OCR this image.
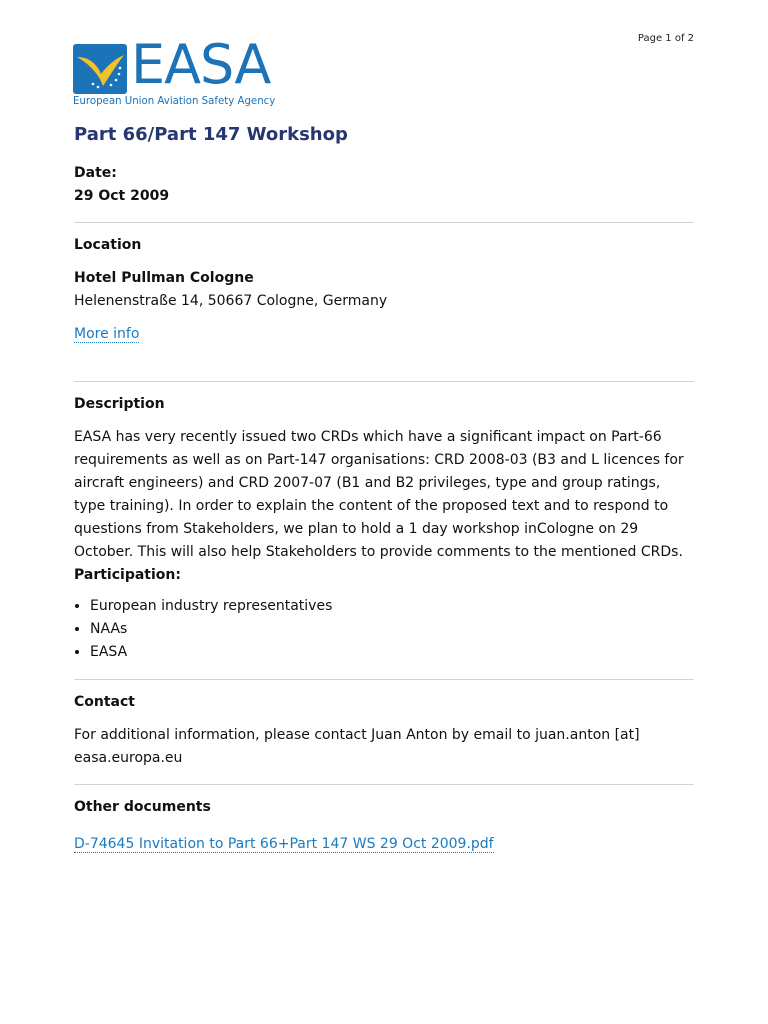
Page 1 of 2
EASA
European Union Aviation Safety Agency
Part 66/Part 147 Workshop
Date:
29 Oct 2009
Location
Hotel Pullman Cologne
Helenenstraße 14, 50667 Cologne, Germany
More info
Description
EASA has very recently issued two CRDs which have a significant impact on Part-66 requirements as well as on Part-147 organisations: CRD 2008-03 (B3 and L licences for aircraft engineers) and CRD 2007-07 (B1 and B2 privileges, type and group ratings, type training). In order to explain the content of the proposed text and to respond to questions from Stakeholders, we plan to hold a 1 day workshop inCologne on 29 October. This will also help Stakeholders to provide comments to the mentioned CRDs. Participation:
• European industry representatives
• NAAs
• EASA
Contact
For additional information, please contact Juan Anton by email to juan.anton [at] easa.europa.eu
Other documents
D-74645 Invitation to Part 66+Part 147 WS 29 Oct 2009.pdf
